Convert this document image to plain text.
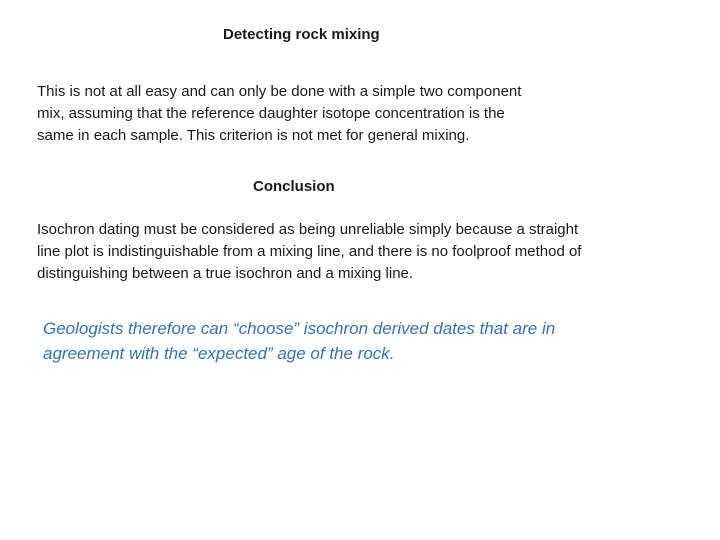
Detecting rock mixing

This is not at all easy and can only be done with a simple two component
mix, assuming that the reference daughter isotope concentration is the
same in each sample. This criterion is not met for general mixing.

Conclusion

Isochron dating must be considered as being unreliable simply because a straight
line plot is indistinguishable from a mixing line, and there is no foolproof method of
distinguishing between a true isochron and a mixing line.

Geologists therefore can “choose” isochron derived dates that are in
agreement with the “expected” age of the rock.
